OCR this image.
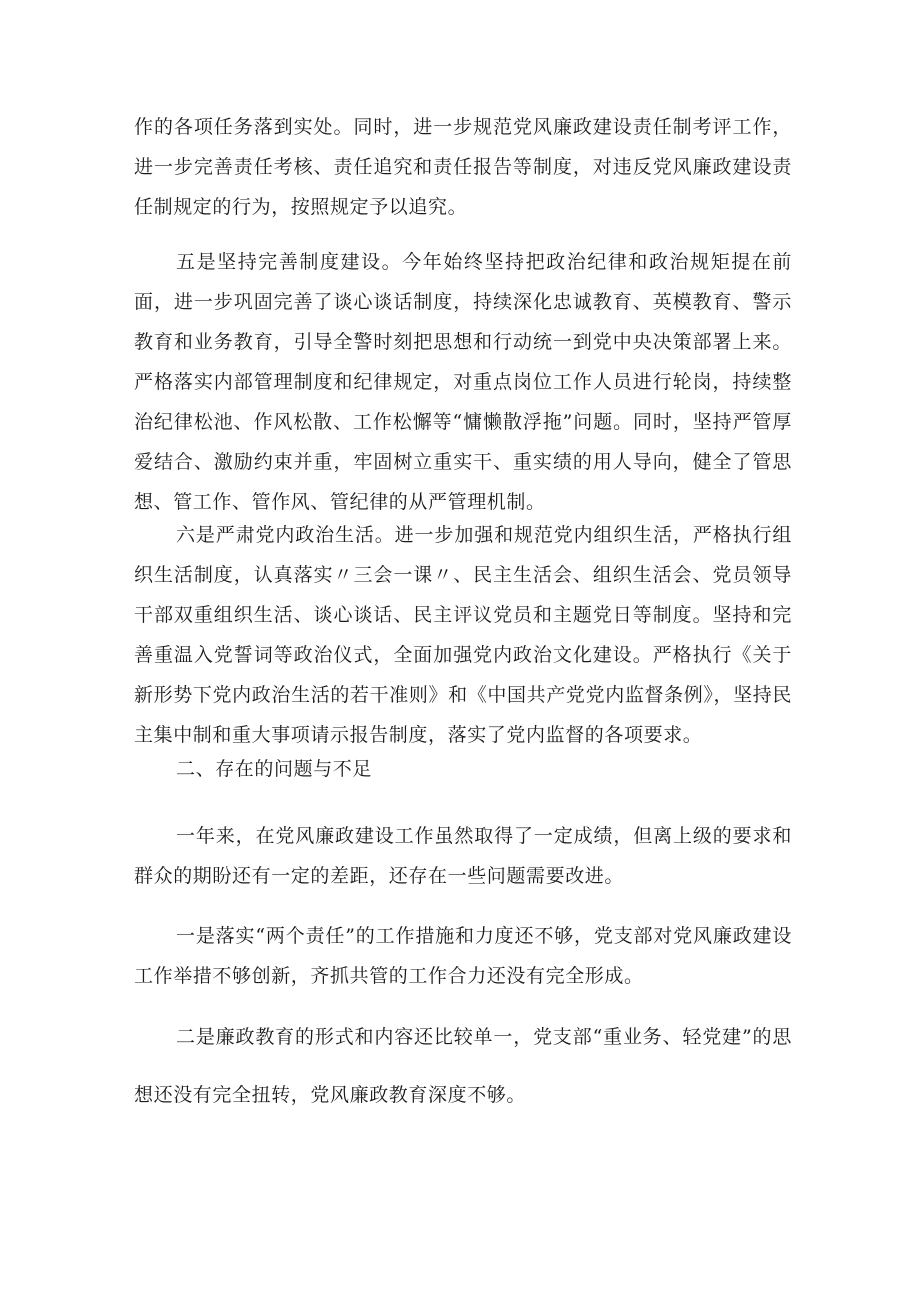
作的各项任务落到实处。同时，进一步规范党风廉政建设责任制考评工作，进一步完善责任考核、责任追究和责任报告等制度，对违反党风廉政建设责任制规定的行为，按照规定予以追究。

五是坚持完善制度建设。今年始终坚持把政治纪律和政治规矩提在前面，进一步巩固完善了谈心谈话制度，持续深化忠诚教育、英模教育、警示教育和业务教育，引导全警时刻把思想和行动统一到党中央决策部署上来。严格落实内部管理制度和纪律规定，对重点岗位工作人员进行轮岗，持续整治纪律松池、作风松散、工作松懈等“慵懒散浮拖”问题。同时，坚持严管厚爱结合、激励约束并重，牢固树立重实干、重实绩的用人导向，健全了管思想、管工作、管作风、管纪律的从严管理机制。

六是严肃党内政治生活。进一步加强和规范党内组织生活，严格执行组织生活制度，认真落实〃三会一课〃、民主生活会、组织生活会、党员领导干部双重组织生活、谈心谈话、民主评议党员和主题党日等制度。坚持和完善重温入党誓词等政治仪式，全面加强党内政治文化建设。严格执行《关于新形势下党内政治生活的若干准则》和《中国共产党党内监督条例》，坚持民主集中制和重大事项请示报告制度，落实了党内监督的各项要求。

二、存在的问题与不足

一年来，在党风廉政建设工作虽然取得了一定成绩，但离上级的要求和群众的期盼还有一定的差距，还存在一些问题需要改进。

一是落实“两个责任”的工作措施和力度还不够，党支部对党风廉政建设工作举措不够创新，齐抓共管的工作合力还没有完全形成。

二是廉政教育的形式和内容还比较单一，党支部“重业务、轻党建”的思想还没有完全扭转，党风廉政教育深度不够。
